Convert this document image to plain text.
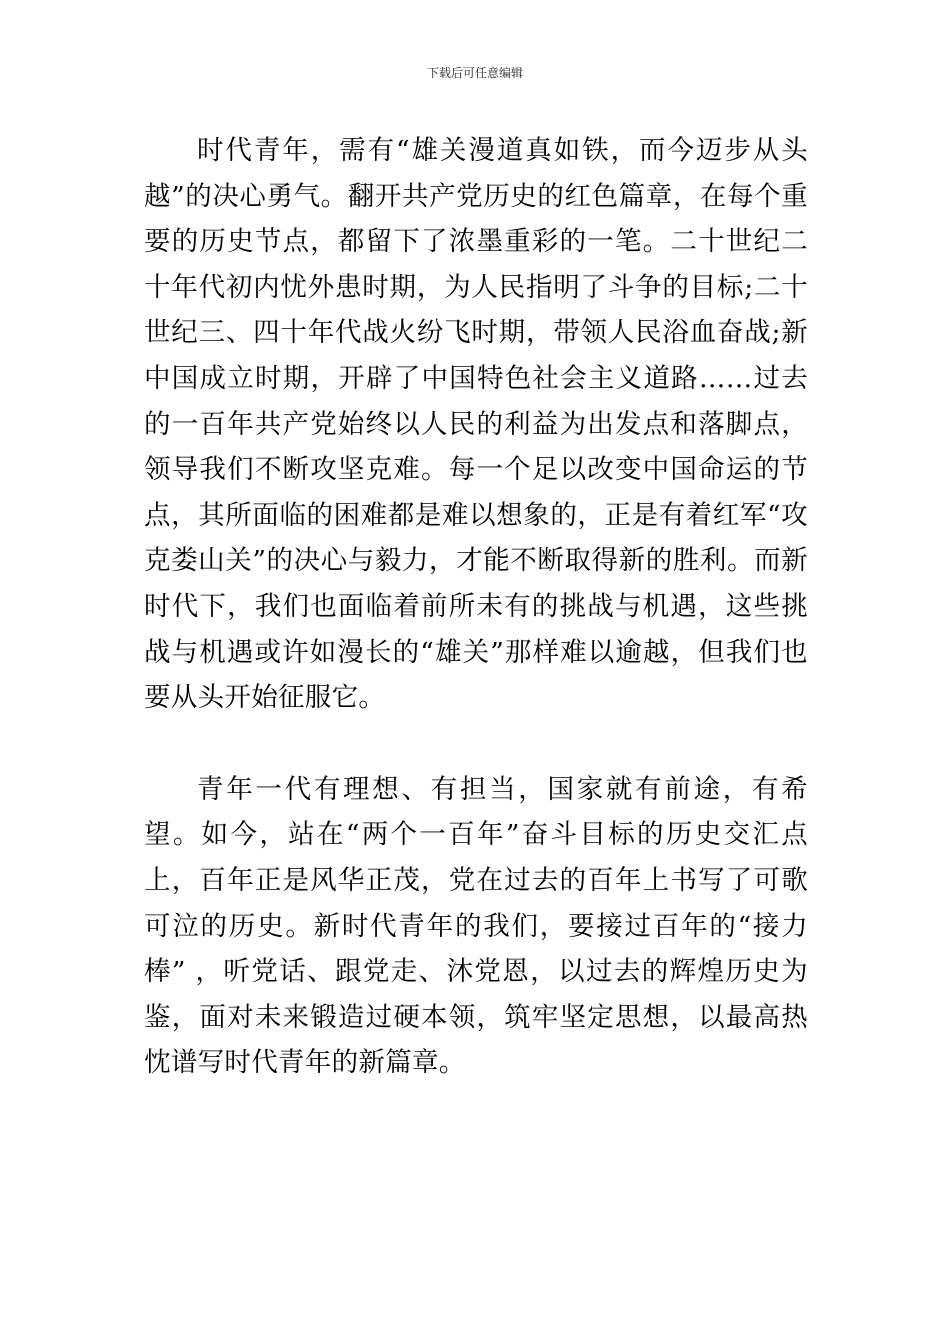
下载后可任意编辑

时代青年，需有“雄关漫道真如铁，而今迈步从头越”的决心勇气。翻开共产党历史的红色篇章，在每个重要的历史节点，都留下了浓墨重彩的一笔。二十世纪二十年代初内忧外患时期，为人民指明了斗争的目标;二十世纪三、四十年代战火纷飞时期，带领人民浴血奋战;新中国成立时期，开辟了中国特色社会主义道路……过去的一百年共产党始终以人民的利益为出发点和落脚点，领导我们不断攻坚克难。每一个足以改变中国命运的节点，其所面临的困难都是难以想象的，正是有着红军“攻克娄山关”的决心与毅力，才能不断取得新的胜利。而新时代下，我们也面临着前所未有的挑战与机遇，这些挑战与机遇或许如漫长的“雄关”那样难以逾越，但我们也要从头开始征服它。

青年一代有理想、有担当，国家就有前途，有希望。如今，站在“两个一百年”奋斗目标的历史交汇点上，百年正是风华正茂，党在过去的百年上书写了可歌可泣的历史。新时代青年的我们，要接过百年的“接力棒” ，听党话、跟党走、沐党恩，以过去的辉煌历史为鉴，面对未来锻造过硬本领，筑牢坚定思想，以最高热忱谱写时代青年的新篇章。
